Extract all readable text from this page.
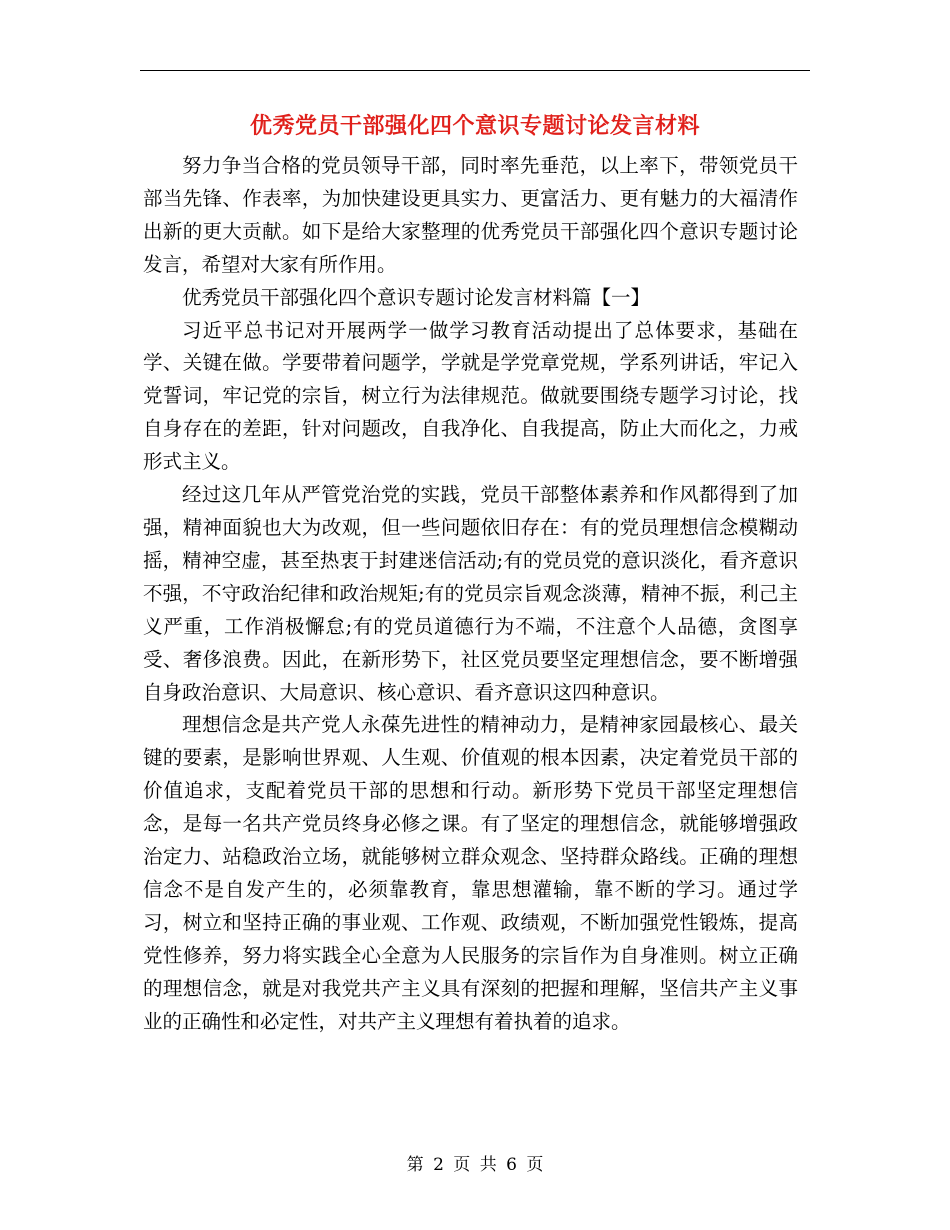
优秀党员干部强化四个意识专题讨论发言材料

努力争当合格的党员领导干部，同时率先垂范，以上率下，带领党员干部当先锋、作表率，为加快建设更具实力、更富活力、更有魅力的大福清作出新的更大贡献。如下是给大家整理的优秀党员干部强化四个意识专题讨论发言，希望对大家有所作用。

优秀党员干部强化四个意识专题讨论发言材料篇【一】

习近平总书记对开展两学一做学习教育活动提出了总体要求，基础在学、关键在做。学要带着问题学，学就是学党章党规，学系列讲话，牢记入党誓词，牢记党的宗旨，树立行为法律规范。做就要围绕专题学习讨论，找自身存在的差距，针对问题改，自我净化、自我提高，防止大而化之，力戒形式主义。

经过这几年从严管党治党的实践，党员干部整体素养和作风都得到了加强，精神面貌也大为改观，但一些问题依旧存在：有的党员理想信念模糊动摇，精神空虚，甚至热衷于封建迷信活动;有的党员党的意识淡化，看齐意识不强，不守政治纪律和政治规矩;有的党员宗旨观念淡薄，精神不振，利己主义严重，工作消极懈怠;有的党员道德行为不端，不注意个人品德，贪图享受、奢侈浪费。因此，在新形势下，社区党员要坚定理想信念，要不断增强自身政治意识、大局意识、核心意识、看齐意识这四种意识。

理想信念是共产党人永葆先进性的精神动力，是精神家园最核心、最关键的要素，是影响世界观、人生观、价值观的根本因素，决定着党员干部的价值追求，支配着党员干部的思想和行动。新形势下党员干部坚定理想信念，是每一名共产党员终身必修之课。有了坚定的理想信念，就能够增强政治定力、站稳政治立场，就能够树立群众观念、坚持群众路线。正确的理想信念不是自发产生的，必须靠教育，靠思想灌输，靠不断的学习。通过学习，树立和坚持正确的事业观、工作观、政绩观，不断加强党性锻炼，提高党性修养，努力将实践全心全意为人民服务的宗旨作为自身准则。树立正确的理想信念，就是对我党共产主义具有深刻的把握和理解，坚信共产主义事业的正确性和必定性，对共产主义理想有着执着的追求。

第 2 页 共 6 页
